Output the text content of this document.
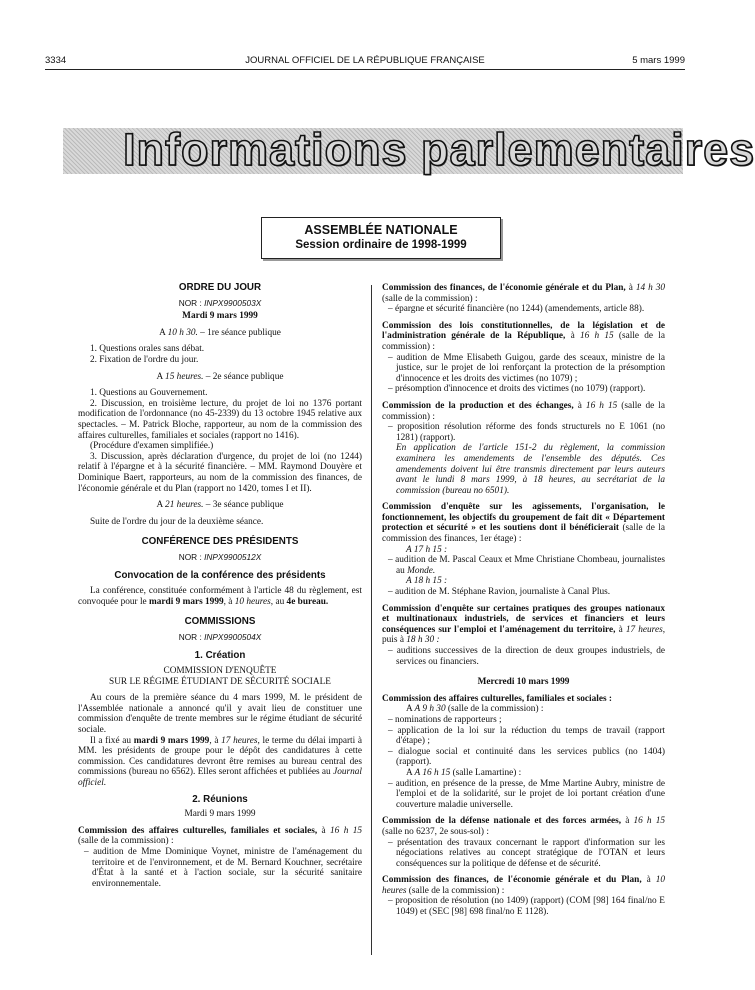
3334	JOURNAL OFFICIEL DE LA RÉPUBLIQUE FRANÇAISE	5 mars 1999
Informations parlementaires
ASSEMBLÉE NATIONALE
Session ordinaire de 1998-1999
ORDRE DU JOUR
NOR : INPX9900503X
Mardi 9 mars 1999
A 10 h 30. – 1re séance publique

1. Questions orales sans débat.

2. Fixation de l'ordre du jour.

A 15 heures. – 2e séance publique

1. Questions au Gouvernement.

2. Discussion, en troisième lecture, du projet de loi no 1376 portant modification de l'ordonnance (no 45-2339) du 13 octobre 1945 relative aux spectacles. – M. Patrick Bloche, rapporteur, au nom de la commission des affaires culturelles, familiales et sociales (rapport no 1416).

(Procédure d'examen simplifiée.)

3. Discussion, après déclaration d'urgence, du projet de loi (no 1244) relatif à l'épargne et à la sécurité financière. – MM. Raymond Douyère et Dominique Baert, rapporteurs, au nom de la commission des finances, de l'économie générale et du Plan (rapport no 1420, tomes I et II).

A 21 heures. – 3e séance publique

Suite de l'ordre du jour de la deuxième séance.

CONFÉRENCE DES PRÉSIDENTS
NOR : INPX9900512X
Convocation de la conférence des présidents

La conférence, constituée conformément à l'article 48 du règlement, est convoquée pour le mardi 9 mars 1999, à 10 heures, au 4e bureau.

COMMISSIONS
NOR : INPX9900504X
1. Création
COMMISSION D'ENQUÊTE
SUR LE RÉGIME ÉTUDIANT DE SÉCURITÉ SOCIALE

Au cours de la première séance du 4 mars 1999, M. le président de l'Assemblée nationale a annoncé qu'il y avait lieu de constituer une commission d'enquête de trente membres sur le régime étudiant de sécurité sociale.

Il a fixé au mardi 9 mars 1999, à 17 heures, le terme du délai imparti à MM. les présidents de groupe pour le dépôt des candidatures à cette commission. Ces candidatures devront être remises au bureau central des commissions (bureau no 6562). Elles seront affichées et publiées au Journal officiel.

2. Réunions
Mardi 9 mars 1999

Commission des affaires culturelles, familiales et sociales, à 16 h 15 (salle de la commission) :

– audition de Mme Dominique Voynet, ministre de l'aménagement du territoire et de l'environnement, et de M. Bernard Kouchner, secrétaire d'État à la santé et à l'action sociale, sur la sécurité sanitaire environnementale.

Commission des finances, de l'économie générale et du Plan, à 14 h 30 (salle de la commission) :

– épargne et sécurité financière (no 1244) (amendements, article 88).

Commission des lois constitutionnelles, de la législation et de l'administration générale de la République, à 16 h 15 (salle de la commission) :

– audition de Mme Elisabeth Guigou, garde des sceaux, ministre de la justice, sur le projet de loi renforçant la protection de la présomption d'innocence et les droits des victimes (no 1079) ;

– présomption d'innocence et droits des victimes (no 1079) (rapport).

Commission de la production et des échanges, à 16 h 15 (salle de la commission) :

– proposition résolution réforme des fonds structurels no E 1061 (no 1281) (rapport).

En application de l'article 151-2 du règlement, la commission examinera les amendements de l'ensemble des députés. Ces amendements doivent lui être transmis directement par leurs auteurs avant le lundi 8 mars 1999, à 18 heures, au secrétariat de la commission (bureau no 6501).

Commission d'enquête sur les agissements, l'organisation, le fonctionnement, les objectifs du groupement de fait dit « Département protection et sécurité » et les soutiens dont il bénéficierait (salle de la commission des finances, 1er étage) :

A 17 h 15 :

– audition de M. Pascal Ceaux et Mme Christiane Chombeau, journalistes au Monde.

A 18 h 15 :

– audition de M. Stéphane Ravion, journaliste à Canal Plus.

Commission d'enquête sur certaines pratiques des groupes nationaux et multinationaux industriels, de services et financiers et leurs conséquences sur l'emploi et l'aménagement du territoire, à 17 heures, puis à 18 h 30 :

– auditions successives de la direction de deux groupes industriels, de services ou financiers.

Mercredi 10 mars 1999

Commission des affaires culturelles, familiales et sociales :

A A 9 h 30 (salle de la commission) :

– nominations de rapporteurs ;

– application de la loi sur la réduction du temps de travail (rapport d'étape) ;

– dialogue social et continuité dans les services publics (no 1404) (rapport).

A A 16 h 15 (salle Lamartine) :

– audition, en présence de la presse, de Mme Martine Aubry, ministre de l'emploi et de la solidarité, sur le projet de loi portant création d'une couverture maladie universelle.

Commission de la défense nationale et des forces armées, à 16 h 15 (salle no 6237, 2e sous-sol) :

– présentation des travaux concernant le rapport d'information sur les négociations relatives au concept stratégique de l'OTAN et leurs conséquences sur la politique de défense et de sécurité.

Commission des finances, de l'économie générale et du Plan, à 10 heures (salle de la commission) :

– proposition de résolution (no 1409) (rapport) (COM [98] 164 final/no E 1049) et (SEC [98] 698 final/no E 1128).
